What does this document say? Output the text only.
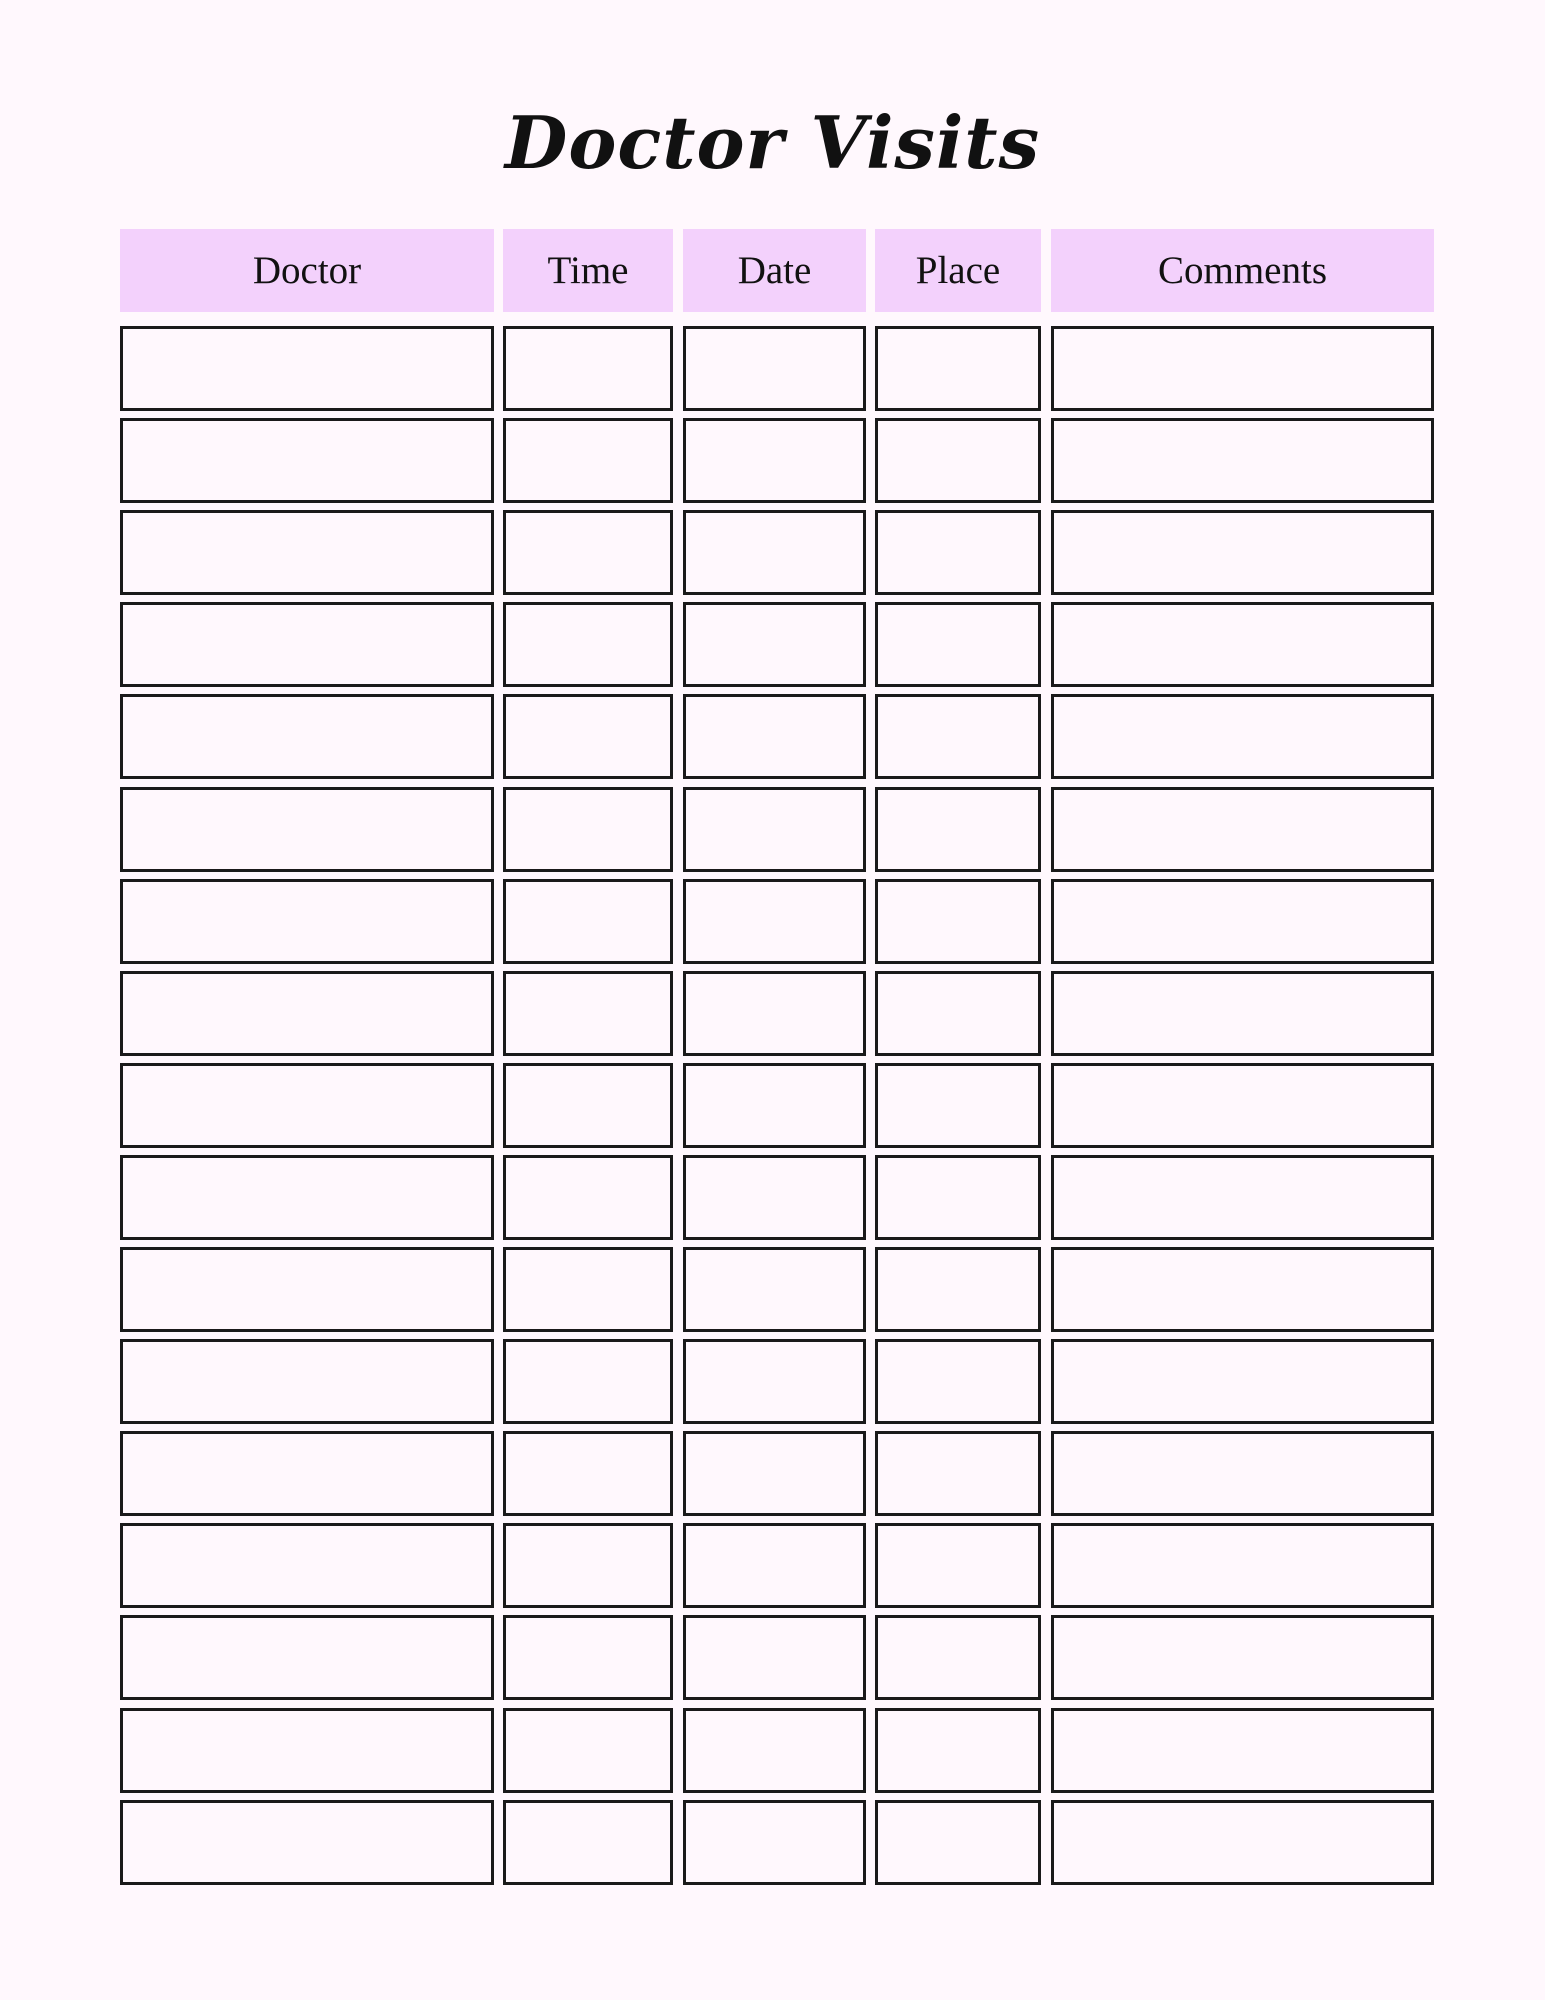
Doctor Visits
Doctor	Time	Date	Place	Comments
